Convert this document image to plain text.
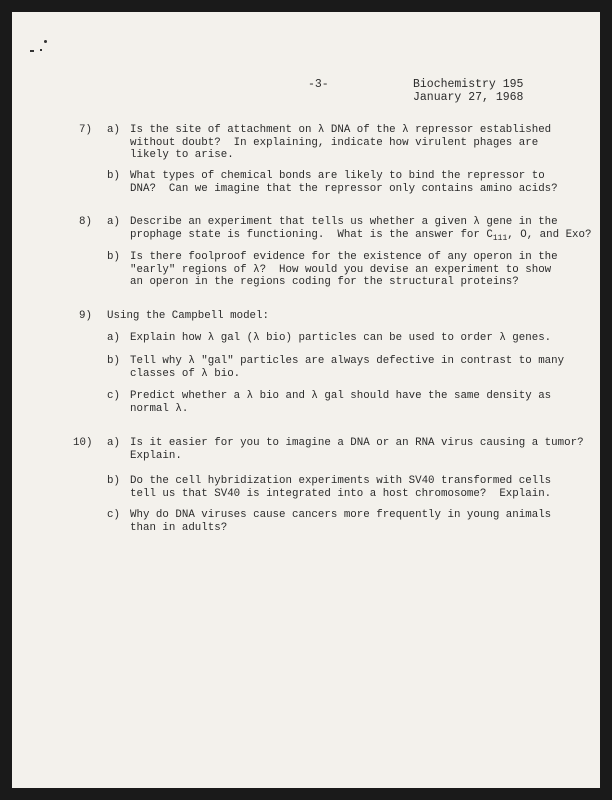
-3-	Biochemistry 195
January 27, 1968
7) a) Is the site of attachment on λ DNA of the λ repressor established
without doubt?  In explaining, indicate how virulent phages are
likely to arise.
b) What types of chemical bonds are likely to bind the repressor to
DNA?  Can we imagine that the repressor only contains amino acids?
8) a) Describe an experiment that tells us whether a given λ gene in the
prophage state is functioning.  What is the answer for $C_{111}$, O, and Exo?
b) Is there foolproof evidence for the existence of any operon in the
"early" regions of λ?  How would you devise an experiment to show
an operon in the regions coding for the structural proteins?
9) Using the Campbell model:
a) Explain how λ gal (λ bio) particles can be used to order λ genes.
b) Tell why λ "gal" particles are always defective in contrast to many
classes of λ bio.
c) Predict whether a λ bio and λ gal should have the same density as
normal λ.
10) a) Is it easier for you to imagine a DNA or an RNA virus causing a tumor?
Explain.
b) Do the cell hybridization experiments with SV40 transformed cells
tell us that SV40 is integrated into a host chromosome?  Explain.
c) Why do DNA viruses cause cancers more frequently in young animals
than in adults?
